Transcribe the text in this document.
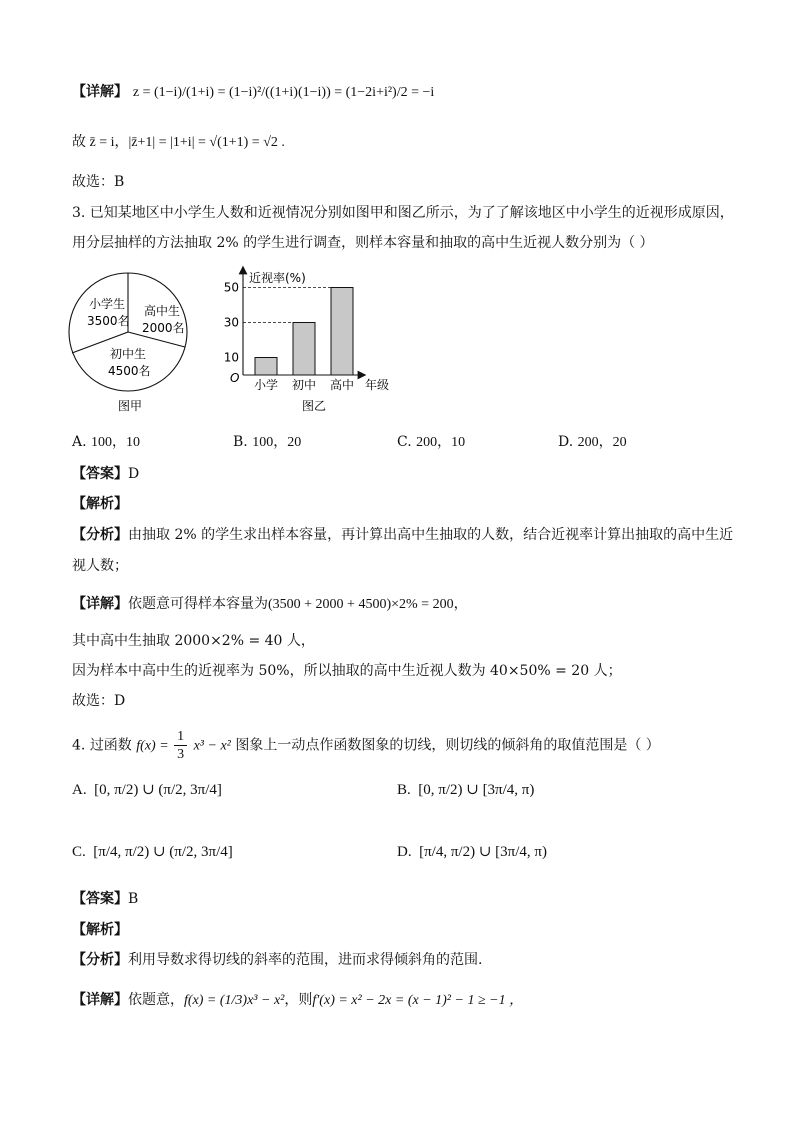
【详解】 z = (1−i)/(1+i) = (1−i)²/((1+i)(1−i)) = (1−2i+i²)/2 = −i
故 z̄ = i，|z̄+1| = |1+i| = √(1+1) = √2 .
故选：B
3. 已知某地区中小学生人数和近视情况分别如图甲和图乙所示，为了了解该地区中小学生的近视形成原因，
用分层抽样的方法抽取 2% 的学生进行调查，则样本容量和抽取的高中生近视人数分别为（ ）
小学生
3500名
高中生
2000名
初中生
4500名
图甲
近视率(%)
年级
O 小学 初中 高中
10
30
50
图乙
A. 100，10	B. 100，20	C. 200，10	D. 200，20
【答案】D
【解析】
【分析】由抽取 2% 的学生求出样本容量，再计算出高中生抽取的人数，结合近视率计算出抽取的高中生近
视人数；
【详解】依题意可得样本容量为(3500 + 2000 + 4500)×2% = 200，
其中高中生抽取 2000×2% = 40 人，
因为样本中高中生的近视率为 50%，所以抽取的高中生近视人数为 40×50% = 20 人；
故选：D
4. 过函数 $f(x) = \frac{1}{3} x^3 - x^2$ 图象上一动点作函数图象的切线，则切线的倾斜角的取值范围是（ ）
A. [0, π/2) ∪ (π/2, 3π/4]	B. [0, π/2) ∪ [3π/4, π)
C. [π/4, π/2) ∪ (π/2, 3π/4]	D. [π/4, π/2) ∪ [3π/4, π)
【答案】B
【解析】
【分析】利用导数求得切线的斜率的范围，进而求得倾斜角的范围.
【详解】依题意，f(x) = (1/3)x³ − x²，则f′(x) = x² − 2x = (x − 1)² − 1 ≥ −1 ，
